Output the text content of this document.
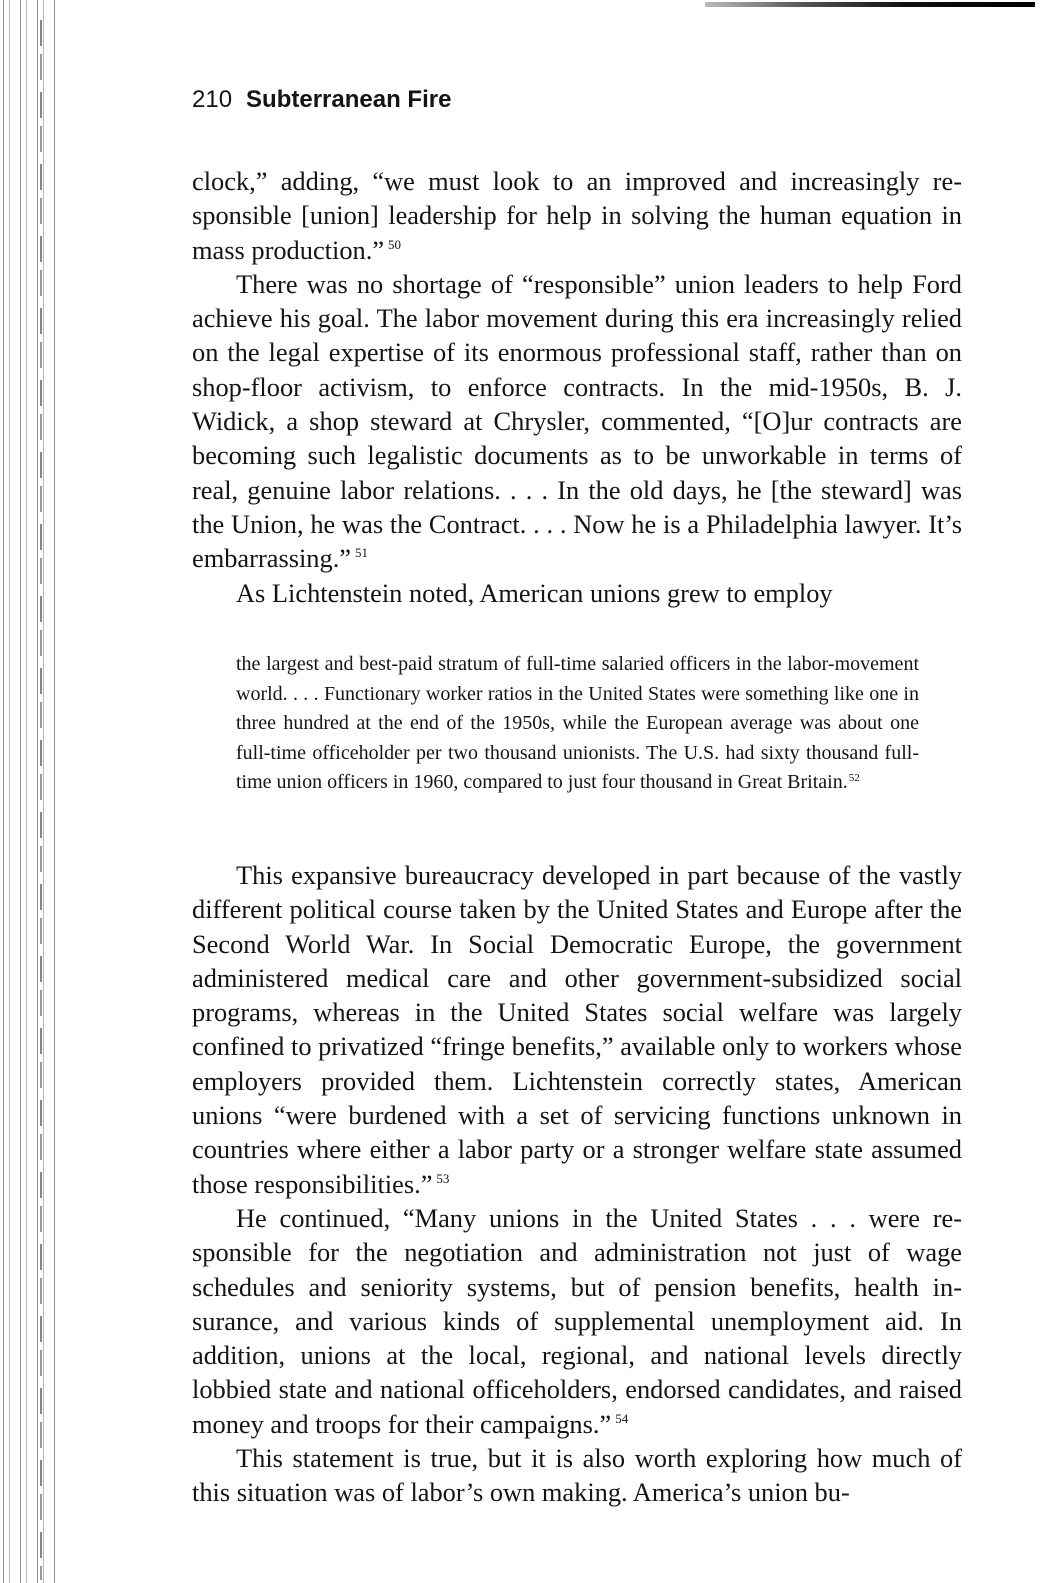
210 Subterranean Fire

clock,” adding, “we must look to an improved and increasingly responsible [union] leadership for help in solving the human equation in mass production.” $^{50}$

There was no shortage of “responsible” union leaders to help Ford achieve his goal. The labor movement during this era increasingly relied on the legal expertise of its enormous professional staff, rather than on shop-floor activism, to enforce contracts. In the mid-1950s, B. J. Widick, a shop steward at Chrysler, commented, “[O]ur contracts are becoming such legalistic documents as to be unworkable in terms of real, genuine labor relations. . . . In the old days, he [the steward] was the Union, he was the Contract. . . . Now he is a Philadelphia lawyer. It’s embarrassing.” $^{51}$

As Lichtenstein noted, American unions grew to employ

the largest and best-paid stratum of full-time salaried officers in the labor-movement world. . . . Functionary worker ratios in the United States were something like one in three hundred at the end of the 1950s, while the European average was about one full-time officeholder per two thousand unionists. The U.S. had sixty thousand full-time union officers in 1960, compared to just four thousand in Great Britain.$^{52}$

This expansive bureaucracy developed in part because of the vastly different political course taken by the United States and Europe after the Second World War. In Social Democratic Europe, the government administered medical care and other government-subsidized social programs, whereas in the United States social welfare was largely confined to privatized “fringe benefits,” available only to workers whose employers provided them. Lichtenstein correctly states, American unions “were burdened with a set of servicing functions unknown in countries where either a labor party or a stronger welfare state assumed those responsibilities.” $^{53}$

He continued, “Many unions in the United States . . . were responsible for the negotiation and administration not just of wage schedules and seniority systems, but of pension benefits, health insurance, and various kinds of supplemental unemployment aid. In addition, unions at the local, regional, and national levels directly lobbied state and national officeholders, endorsed candidates, and raised money and troops for their campaigns.” $^{54}$

This statement is true, but it is also worth exploring how much of this situation was of labor’s own making. America’s union bu-
